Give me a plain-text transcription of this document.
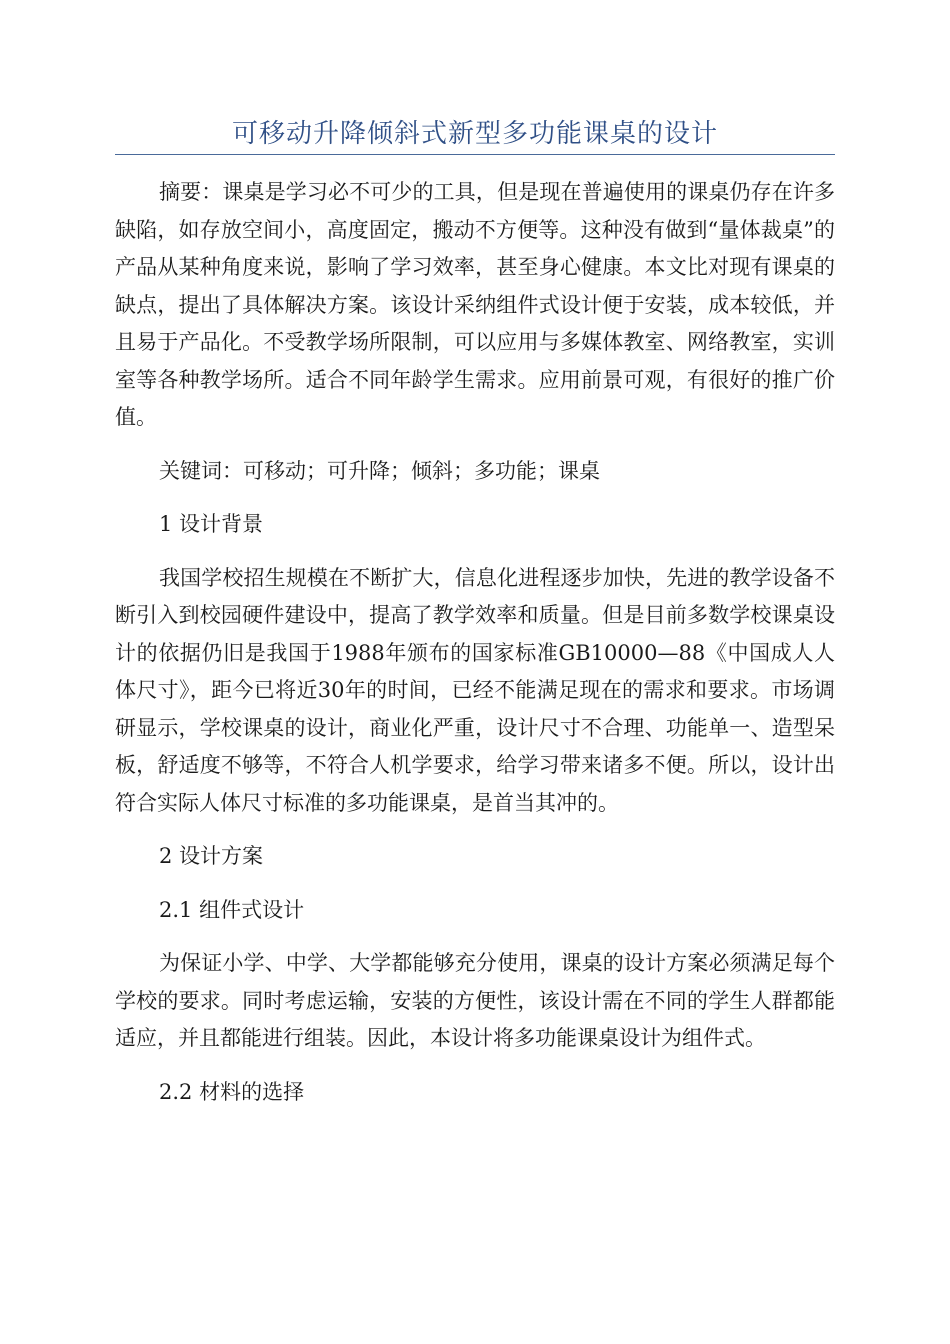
可移动升降倾斜式新型多功能课桌的设计

摘要：课桌是学习必不可少的工具，但是现在普遍使用的课桌仍存在许多缺陷，如存放空间小，高度固定，搬动不方便等。这种没有做到“量体裁桌”的产品从某种角度来说，影响了学习效率，甚至身心健康。本文比对现有课桌的缺点，提出了具体解决方案。该设计采纳组件式设计便于安装，成本较低，并且易于产品化。不受教学场所限制，可以应用与多媒体教室、网络教室，实训室等各种教学场所。适合不同年龄学生需求。应用前景可观，有很好的推广价值。

关键词：可移动；可升降；倾斜；多功能；课桌

1 设计背景

我国学校招生规模在不断扩大，信息化进程逐步加快，先进的教学设备不断引入到校园硬件建设中，提高了教学效率和质量。但是目前多数学校课桌设计的依据仍旧是我国于1988年颁布的国家标准GB10000—88《中国成人人体尺寸》，距今已将近30年的时间，已经不能满足现在的需求和要求。市场调研显示，学校课桌的设计，商业化严重，设计尺寸不合理、功能单一、造型呆板，舒适度不够等，不符合人机学要求，给学习带来诸多不便。所以，设计出符合实际人体尺寸标准的多功能课桌，是首当其冲的。

2 设计方案

2.1 组件式设计

为保证小学、中学、大学都能够充分使用，课桌的设计方案必须满足每个学校的要求。同时考虑运输，安装的方便性，该设计需在不同的学生人群都能适应，并且都能进行组装。因此，本设计将多功能课桌设计为组件式。

2.2 材料的选择
